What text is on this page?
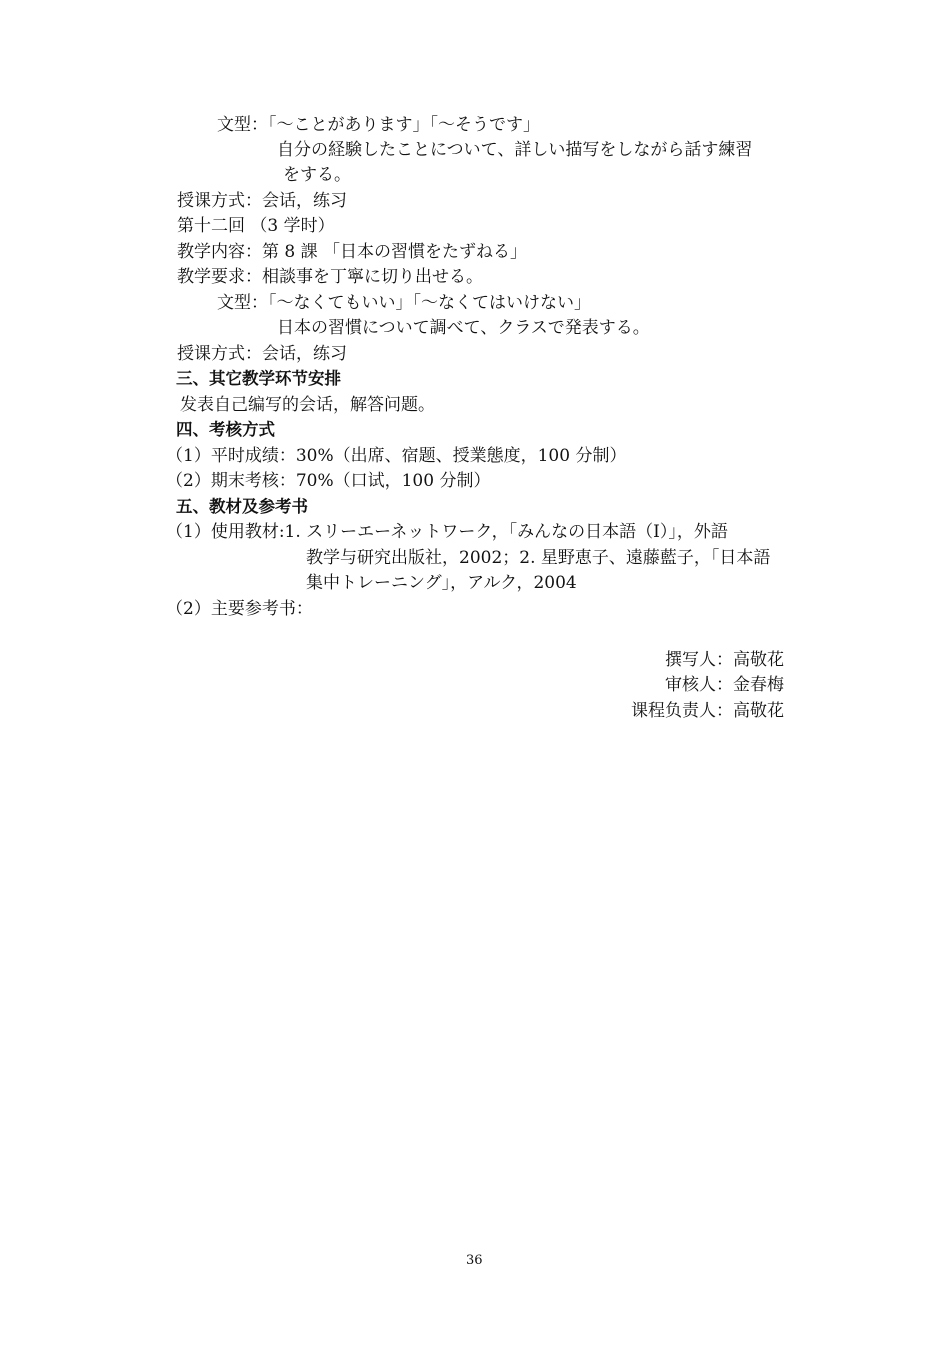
文型：「～ことがあります」「～そうです」
自分の経験したことについて、詳しい描写をしながら話す練習
をする。
授课方式：会话，练习
第十二回 （3 学时）
教学内容：第 8 課 「日本の習慣をたずねる」
教学要求：相談事を丁寧に切り出せる。
文型：「～なくてもいい」「～なくてはいけない」
日本の習慣について調べて、クラスで発表する。
授课方式：会话，练习
三、其它教学环节安排
发表自己编写的会话，解答问题。
四、考核方式
（1）平时成绩：30%（出席、宿题、授業態度，100 分制）
（2）期末考核：70%（口试，100 分制）
五、教材及参考书
（1）使用教材:1. スリーエーネットワーク，「みんなの日本語（Ⅰ）」，外語
教学与研究出版社，2002；2. 星野恵子、遠藤藍子，「日本語
集中トレーニング」，アルク，2004
（2）主要参考书：
撰写人：高敬花
审核人：金春梅
课程负责人：高敬花
36
